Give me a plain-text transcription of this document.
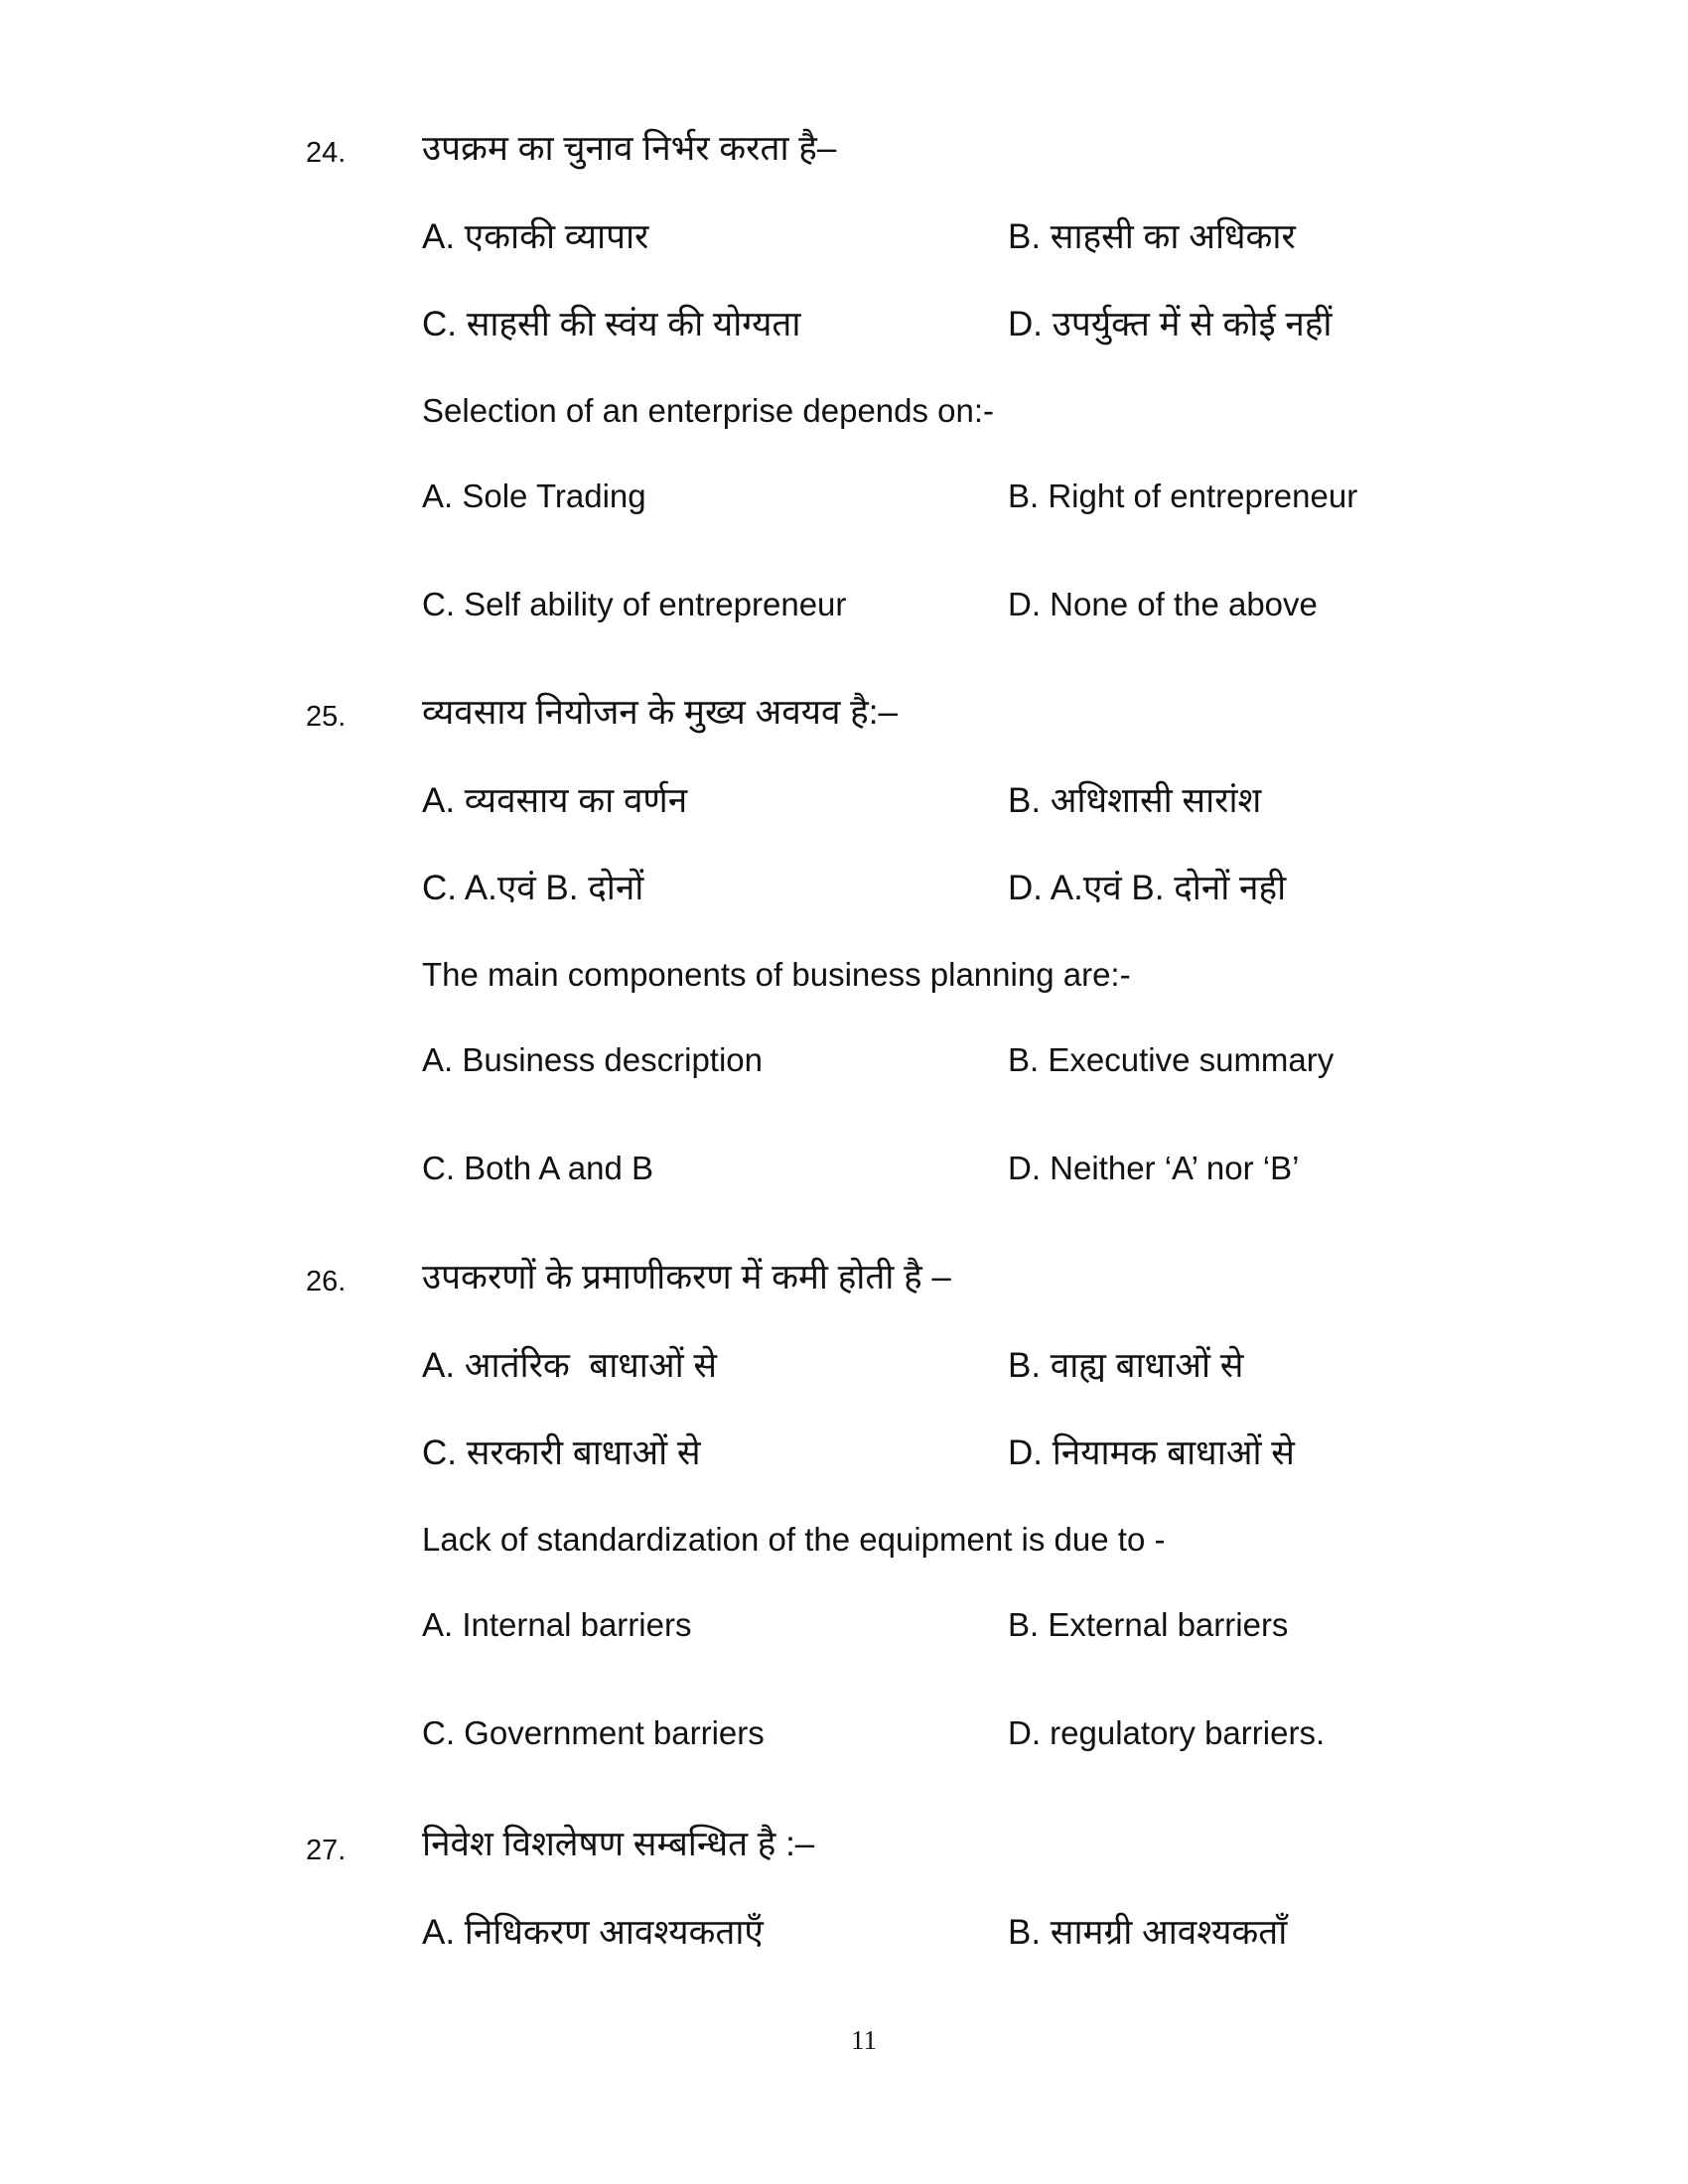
24. उपक्रम का चुनाव निर्भर करता है–
A. एकाकी व्यापार	B. साहसी का अधिकार
C. साहसी की स्वंय की योग्यता	D. उपर्युक्त में से कोई नहीं
Selection of an enterprise depends on:-
A. Sole Trading	B. Right of entrepreneur
C. Self ability of entrepreneur	D. None of the above
25. व्यवसाय नियोजन के मुख्य अवयव है:–
A. व्यवसाय का वर्णन	B. अधिशासी सारांश
C. A.एवं B. दोनों	D. A.एवं B. दोनों नही
The main components of business planning are:-
A. Business description	B. Executive summary
C. Both A and B	D. Neither ‘A’ nor ‘B’
26. उपकरणों के प्रमाणीकरण में कमी होती है –
A. आतंरिक  बाधाओं से	B. वाह्य बाधाओं से
C. सरकारी बाधाओं से	D. नियामक बाधाओं से
Lack of standardization of the equipment is due to -
A. Internal barriers	B. External barriers
C. Government barriers	D. regulatory barriers.
27. निवेश विशलेषण सम्बन्धित है :–
A. निधिकरण आवश्यकताएँ	B. सामग्री आवश्यकताँ
11
